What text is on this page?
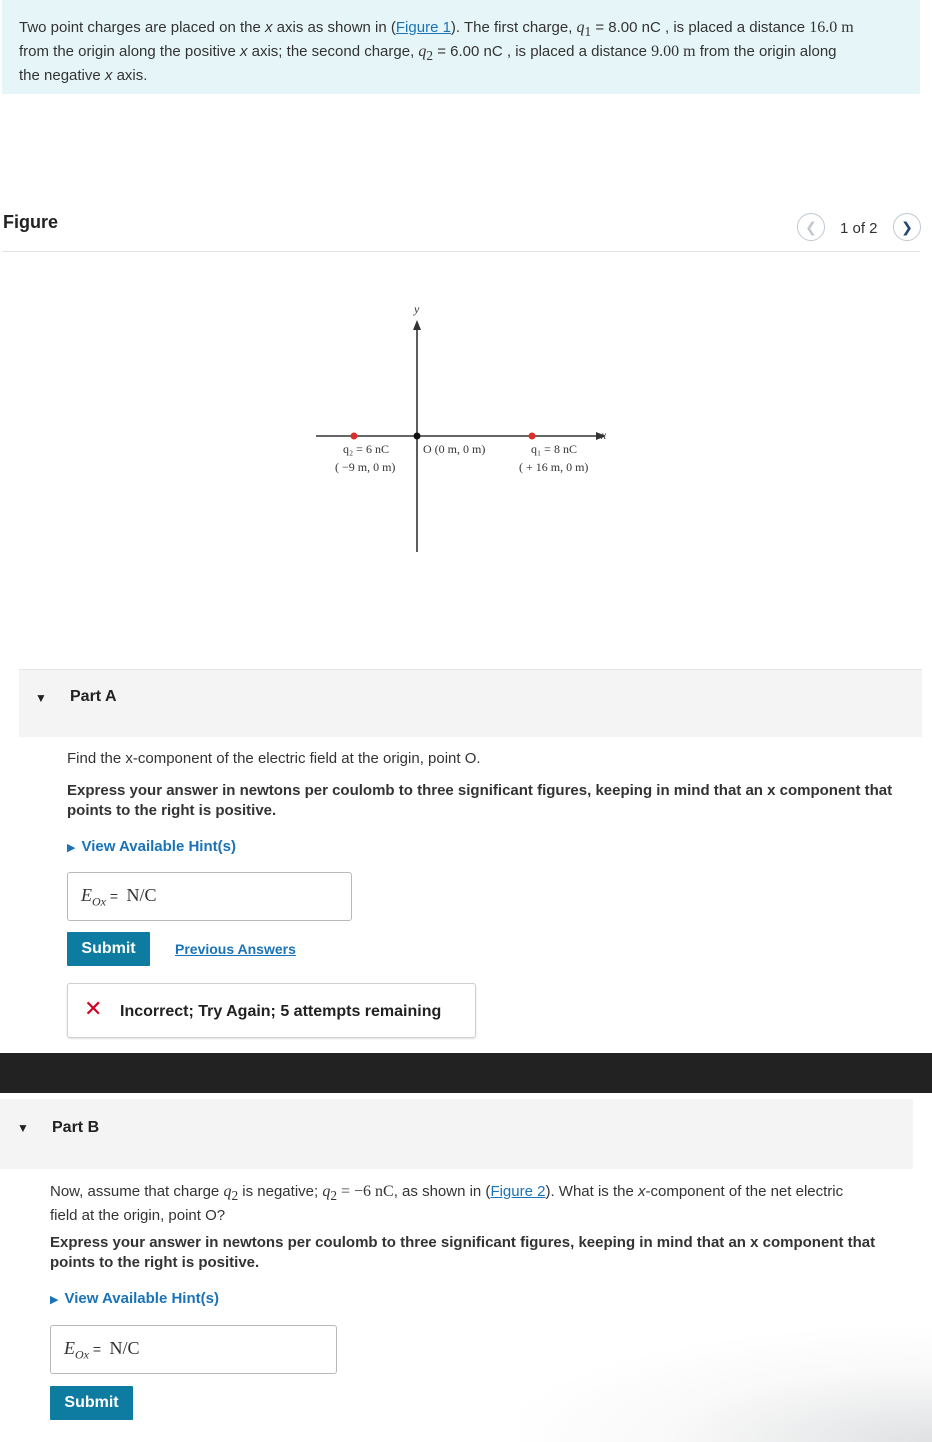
Two point charges are placed on the x axis as shown in (Figure 1). The first charge, $q_1 = 8.00$ nC , is placed a distance 16.0 m
from the origin along the positive x axis; the second charge, $q_2 = 6.00$ nC , is placed a distance 9.00 m from the origin along
the negative x axis.
Figure	❮ 1 of 2 ❯
y
x
q₂ = 6 nC
( −9 m, 0 m)
O (0 m, 0 m)	q₁ = 8 nC
( + 16 m, 0 m)
▼ Part A
Find the x-component of the electric field at the origin, point O.
Express your answer in newtons per coulomb to three significant figures, keeping in mind that an x component that points to the right is positive.
▶ View Available Hint(s)
$E_{Ox} = N/C$
Submit	Previous Answers
✕ Incorrect; Try Again; 5 attempts remaining
▼ Part B
Now, assume that charge $q_2$ is negative; $q_2 = -6$ nC, as shown in (Figure 2). What is the x-component of the net electric
field at the origin, point O?
Express your answer in newtons per coulomb to three significant figures, keeping in mind that an x component that points to the right is positive.
▶ View Available Hint(s)
$E_{Ox} = N/C$
Submit
